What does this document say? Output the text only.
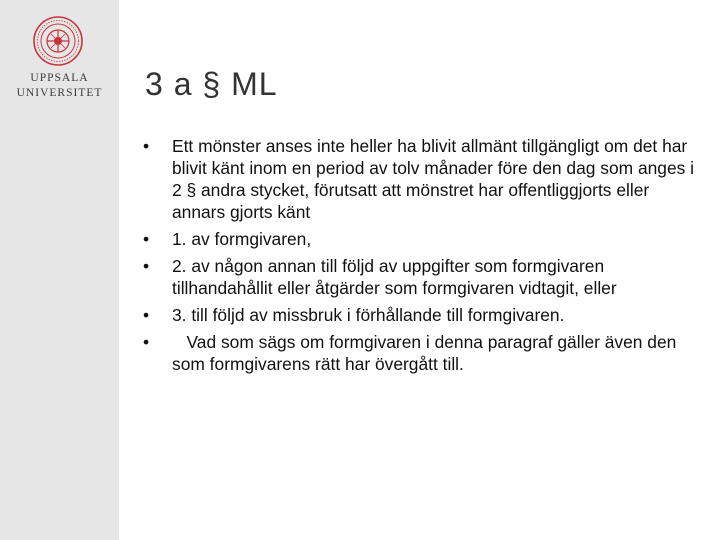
UPPSALA
UNIVERSITET	3 a § ML
• Ett mönster anses inte heller ha blivit allmänt tillgängligt om det har blivit känt inom en period av tolv månader före den dag som anges i 2 § andra stycket, förutsatt att mönstret har offentliggjorts eller annars gjorts känt
• 1. av formgivaren,
• 2. av någon annan till följd av uppgifter som formgivaren tillhandahållit eller åtgärder som formgivaren vidtagit, eller
• 3. till följd av missbruk i förhållande till formgivaren.
• Vad som sägs om formgivaren i denna paragraf gäller även den som formgivarens rätt har övergått till.
